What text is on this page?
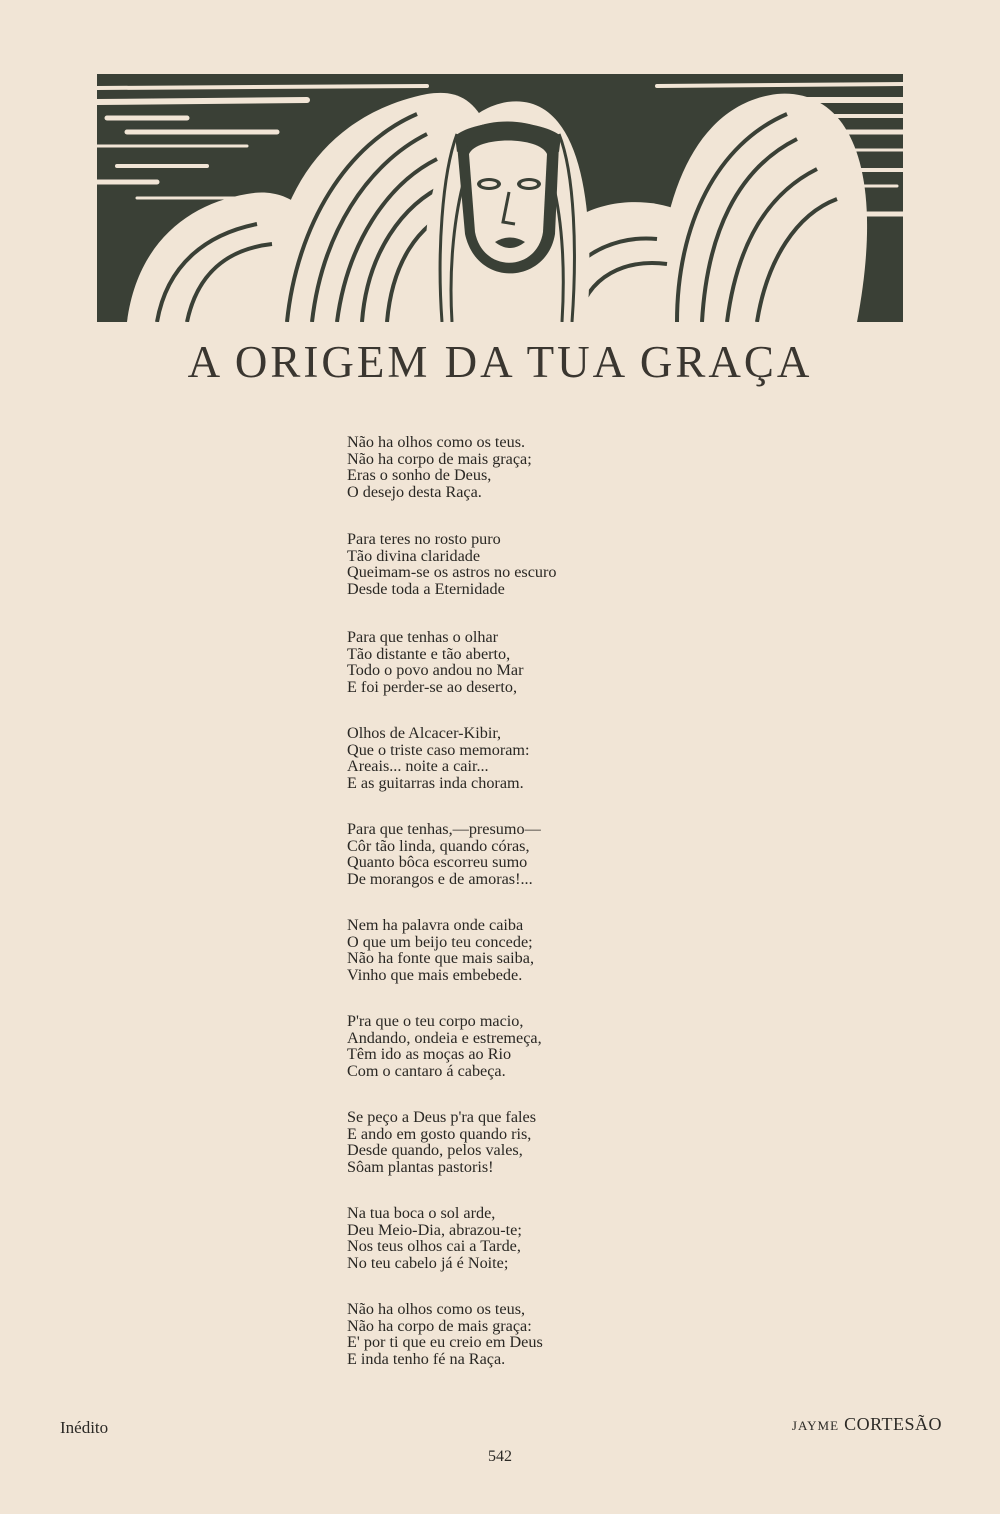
A ORIGEM DA TUA GRAÇA

Não ha olhos como os teus.
Não ha corpo de mais graça;
Eras o sonho de Deus,
O desejo desta Raça.

Para teres no rosto puro
Tão divina claridade
Queimam-se os astros no escuro
Desde toda a Eternidade

Para que tenhas o olhar
Tão distante e tão aberto,
Todo o povo andou no Mar
E foi perder-se ao deserto,

Olhos de Alcacer-Kibir,
Que o triste caso memoram:
Areais... noite a cair...
E as guitarras inda choram.

Para que tenhas,—presumo—
Côr tão linda, quando córas,
Quanto bôca escorreu sumo
De morangos e de amoras!...

Nem ha palavra onde caiba
O que um beijo teu concede;
Não ha fonte que mais saiba,
Vinho que mais embebede.

P'ra que o teu corpo macio,
Andando, ondeia e estremeça,
Têm ido as moças ao Rio
Com o cantaro á cabeça.

Se peço a Deus p'ra que fales
E ando em gosto quando ris,
Desde quando, pelos vales,
Sôam plantas pastoris!

Na tua boca o sol arde,
Deu Meio-Dia, abrazou-te;
Nos teus olhos cai a Tarde,
No teu cabelo já é Noite;

Não ha olhos como os teus,
Não ha corpo de mais graça:
E' por ti que eu creio em Deus
E inda tenho fé na Raça.

Inédito	JAYME CORTESÃO
542
